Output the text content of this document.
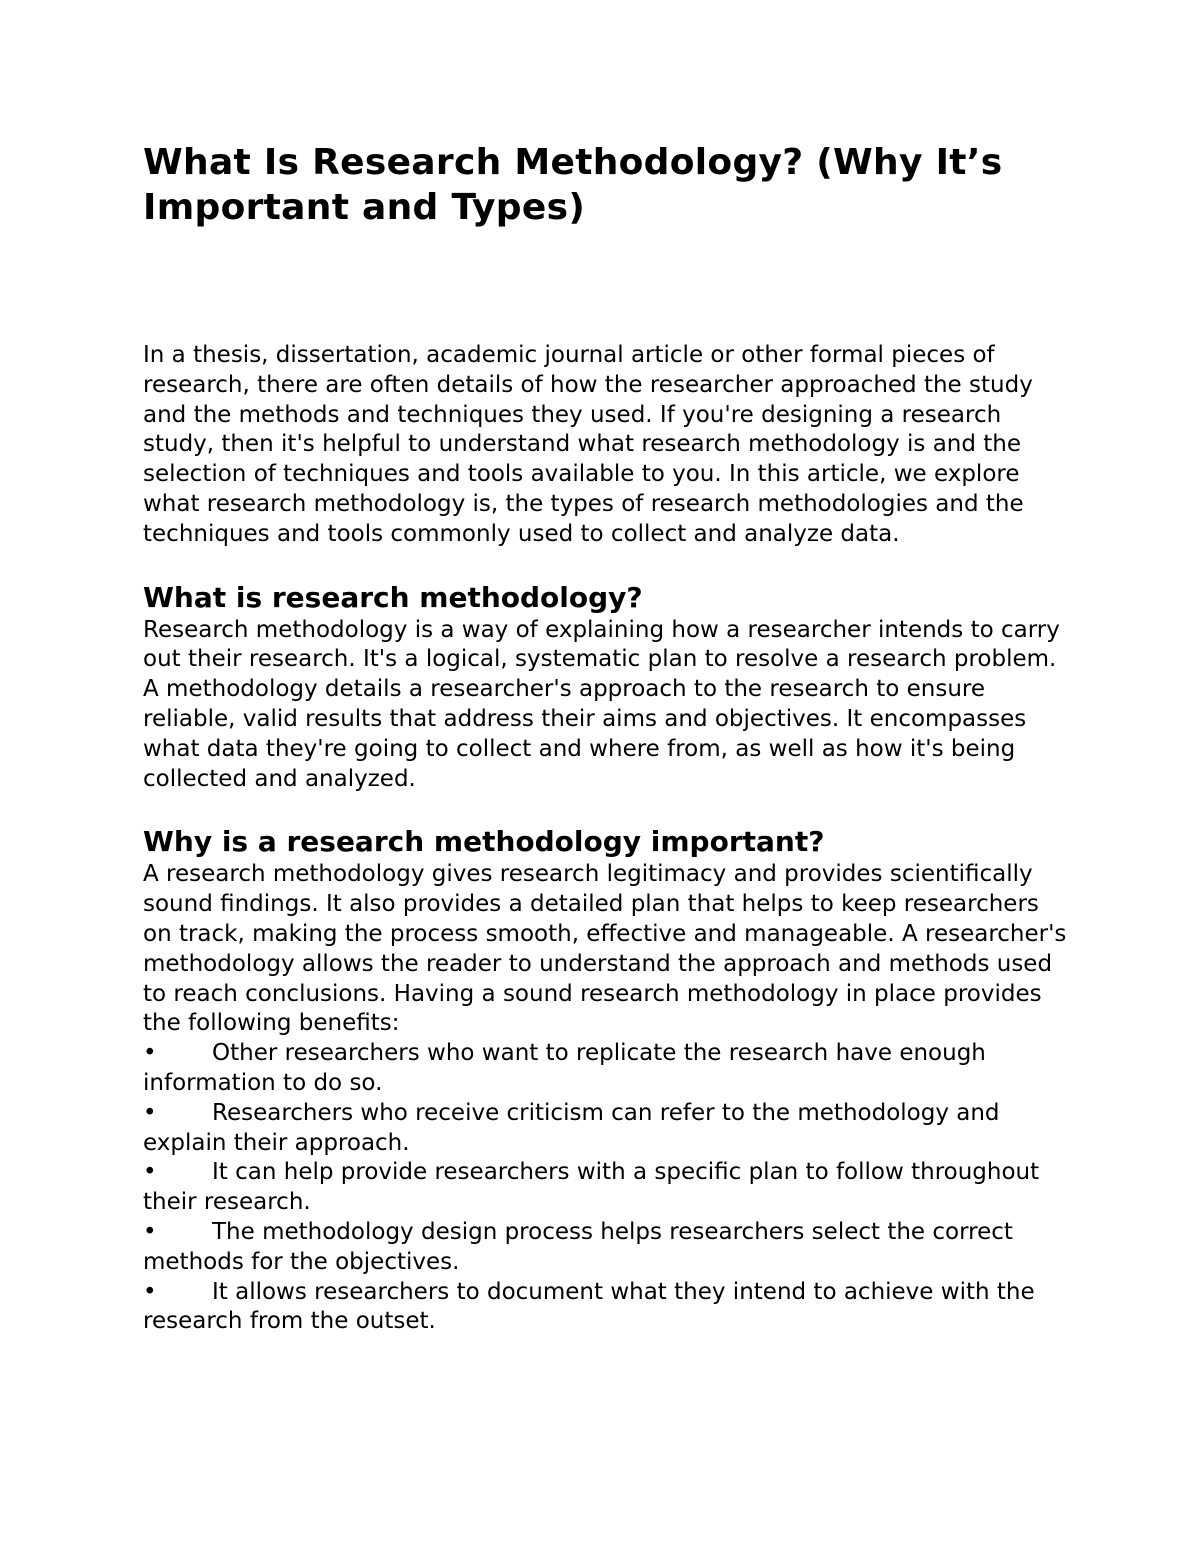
What Is Research Methodology? (Why It’s Important and Types)

In a thesis, dissertation, academic journal article or other formal pieces of research, there are often details of how the researcher approached the study and the methods and techniques they used. If you're designing a research study, then it's helpful to understand what research methodology is and the selection of techniques and tools available to you. In this article, we explore what research methodology is, the types of research methodologies and the techniques and tools commonly used to collect and analyze data.

What is research methodology?

Research methodology is a way of explaining how a researcher intends to carry out their research. It's a logical, systematic plan to resolve a research problem. A methodology details a researcher's approach to the research to ensure reliable, valid results that address their aims and objectives. It encompasses what data they're going to collect and where from, as well as how it's being collected and analyzed.

Why is a research methodology important?

A research methodology gives research legitimacy and provides scientifically sound findings. It also provides a detailed plan that helps to keep researchers on track, making the process smooth, effective and manageable. A researcher's methodology allows the reader to understand the approach and methods used to reach conclusions. Having a sound research methodology in place provides the following benefits:

• Other researchers who want to replicate the research have enough information to do so.
• Researchers who receive criticism can refer to the methodology and explain their approach.
• It can help provide researchers with a specific plan to follow throughout their research.
• The methodology design process helps researchers select the correct methods for the objectives.
• It allows researchers to document what they intend to achieve with the research from the outset.
